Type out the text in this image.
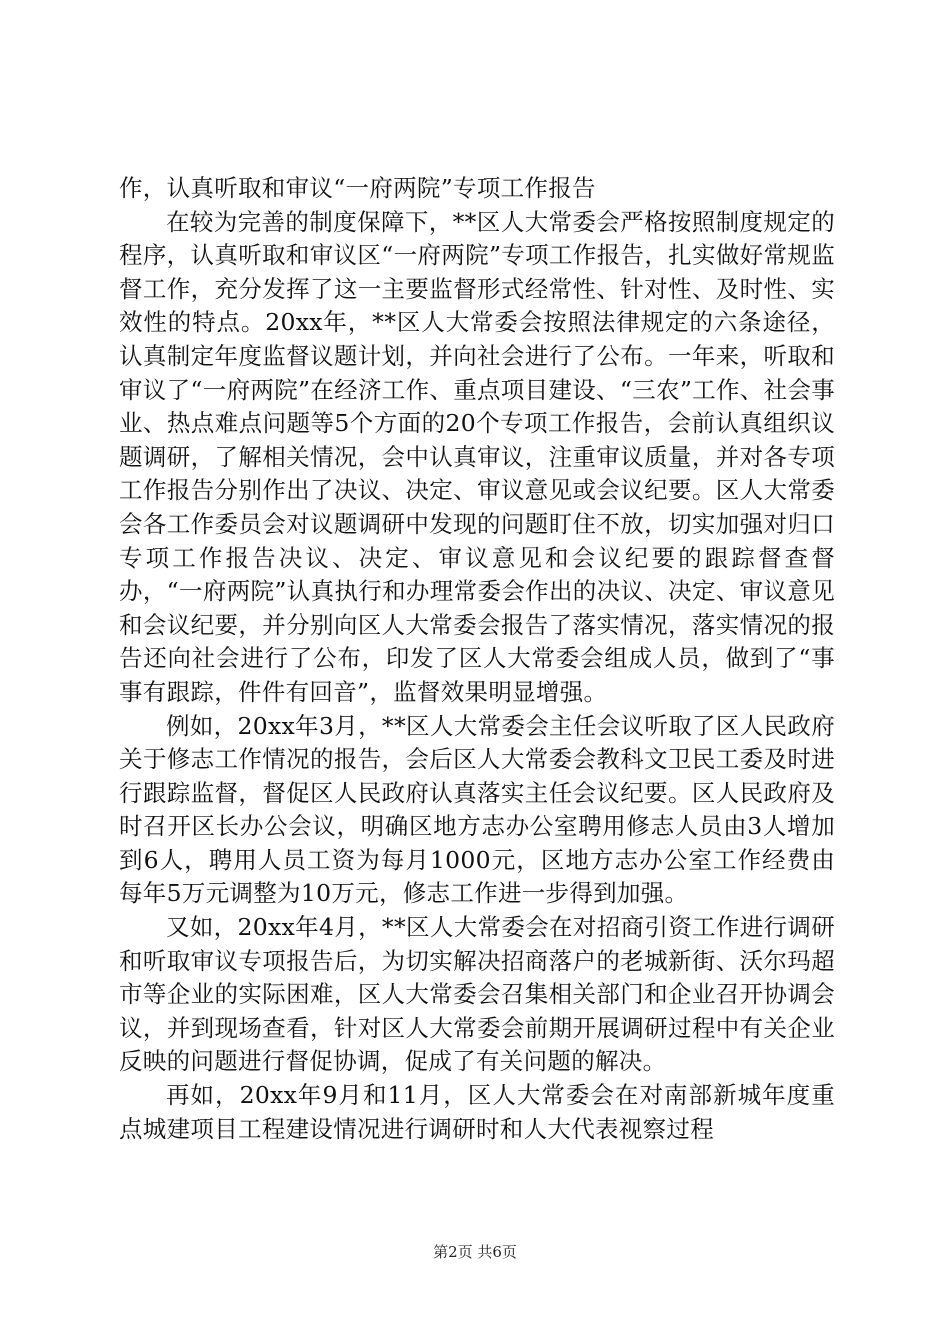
作，认真听取和审议“一府两院”专项工作报告

在较为完善的制度保障下，**区人大常委会严格按照制度规定的程序，认真听取和审议区“一府两院”专项工作报告，扎实做好常规监督工作，充分发挥了这一主要监督形式经常性、针对性、及时性、实效性的特点。20xx年，**区人大常委会按照法律规定的六条途径，认真制定年度监督议题计划，并向社会进行了公布。一年来，听取和审议了“一府两院”在经济工作、重点项目建设、“三农”工作、社会事业、热点难点问题等5个方面的20个专项工作报告，会前认真组织议题调研，了解相关情况，会中认真审议，注重审议质量，并对各专项工作报告分别作出了决议、决定、审议意见或会议纪要。区人大常委会各工作委员会对议题调研中发现的问题盯住不放，切实加强对归口专项工作报告决议、决定、审议意见和会议纪要的跟踪督查督办，“一府两院”认真执行和办理常委会作出的决议、决定、审议意见和会议纪要，并分别向区人大常委会报告了落实情况，落实情况的报告还向社会进行了公布，印发了区人大常委会组成人员，做到了“事事有跟踪，件件有回音”，监督效果明显增强。

例如，20xx年3月，**区人大常委会主任会议听取了区人民政府关于修志工作情况的报告，会后区人大常委会教科文卫民工委及时进行跟踪监督，督促区人民政府认真落实主任会议纪要。区人民政府及时召开区长办公会议，明确区地方志办公室聘用修志人员由3人增加到6人，聘用人员工资为每月1000元，区地方志办公室工作经费由每年5万元调整为10万元，修志工作进一步得到加强。

又如，20xx年4月，**区人大常委会在对招商引资工作进行调研和听取审议专项报告后，为切实解决招商落户的老城新街、沃尔玛超市等企业的实际困难，区人大常委会召集相关部门和企业召开协调会议，并到现场查看，针对区人大常委会前期开展调研过程中有关企业反映的问题进行督促协调，促成了有关问题的解决。

再如，20xx年9月和11月，区人大常委会在对南部新城年度重点城建项目工程建设情况进行调研时和人大代表视察过程

第2页 共6页
